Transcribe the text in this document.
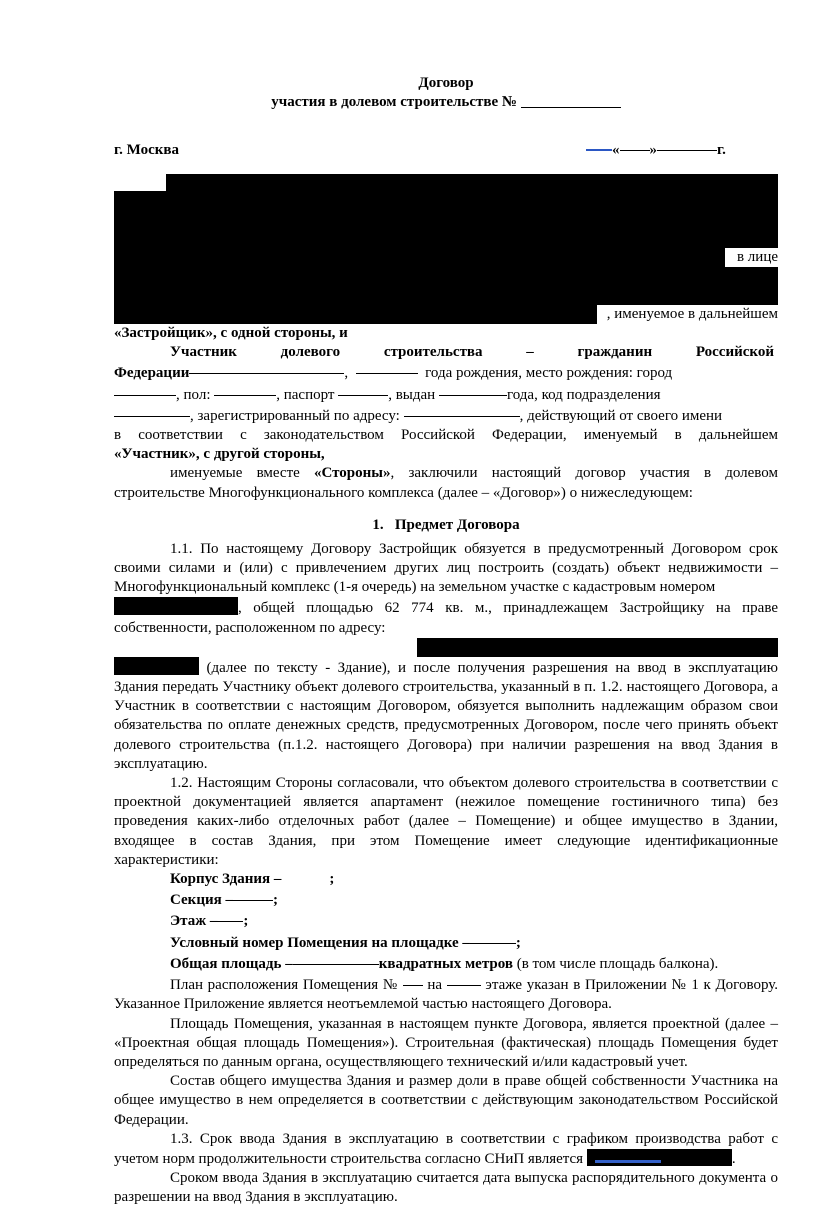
Договор
участия в долевом строительстве №
г. Москва	« »	г.
в лице
, именуемое в дальнейшем
«Застройщик», с одной стороны, и
Участник долевого строительства – гражданин Российской
Федерации	,	года рождения, место рождения: город
, пол:	, паспорт	, выдан	года, код подразделения
, зарегистрированный по адресу:	, действующий от своего имени
в соответствии с законодательством Российской Федерации, именуемый в дальнейшем
«Участник», с другой стороны,
именуемые вместе «Стороны», заключили настоящий договор участия в долевом строительстве Многофункционального комплекса (далее – «Договор») о нижеследующем:
1. Предмет Договора
1.1. По настоящему Договору Застройщик обязуется в предусмотренный Договором срок своими силами и (или) с привлечением других лиц построить (создать) объект недвижимости – Многофункциональный комплекс (1-я очередь) на земельном участке с кадастровым номером
, общей площадью 62 774 кв. м., принадлежащем Застройщику на праве собственности, расположенном по адресу:
(далее по тексту - Здание), и после получения разрешения на ввод в эксплуатацию Здания передать Участнику объект долевого строительства, указанный в п. 1.2. настоящего Договора, а Участник в соответствии с настоящим Договором, обязуется выполнить надлежащим образом свои обязательства по оплате денежных средств, предусмотренных Договором, после чего принять объект долевого строительства (п.1.2. настоящего Договора) при наличии разрешения на ввод Здания в эксплуатацию.
1.2. Настоящим Стороны согласовали, что объектом долевого строительства в соответствии с проектной документацией является апартамент (нежилое помещение гостиничного типа) без проведения каких-либо отделочных работ (далее – Помещение) и общее имущество в Здании, входящее в состав Здания, при этом Помещение имеет следующие идентификационные характеристики:
Корпус Здания –	;
Секция –	;
Этаж – ;
Условный номер Помещения на площадке –	;
Общая площадь –	квадратных метров (в том числе площадь балкона).
План расположения Помещения № на	этаже указан в Приложении № 1 к Договору. Указанное Приложение является неотъемлемой частью настоящего Договора.
Площадь Помещения, указанная в настоящем пункте Договора, является проектной (далее – «Проектная общая площадь Помещения»). Строительная (фактическая) площадь Помещения будет определяться по данным органа, осуществляющего технический и/или кадастровый учет.
Состав общего имущества Здания и размер доли в праве общей собственности Участника на общее имущество в нем определяется в соответствии с действующим законодательством Российской Федерации.
1.3. Срок ввода Здания в эксплуатацию в соответствии с графиком производства работ с учетом норм продолжительности строительства согласно СНиП является	.
Сроком ввода Здания в эксплуатацию считается дата выпуска распорядительного документа о разрешении на ввод Здания в эксплуатацию.
